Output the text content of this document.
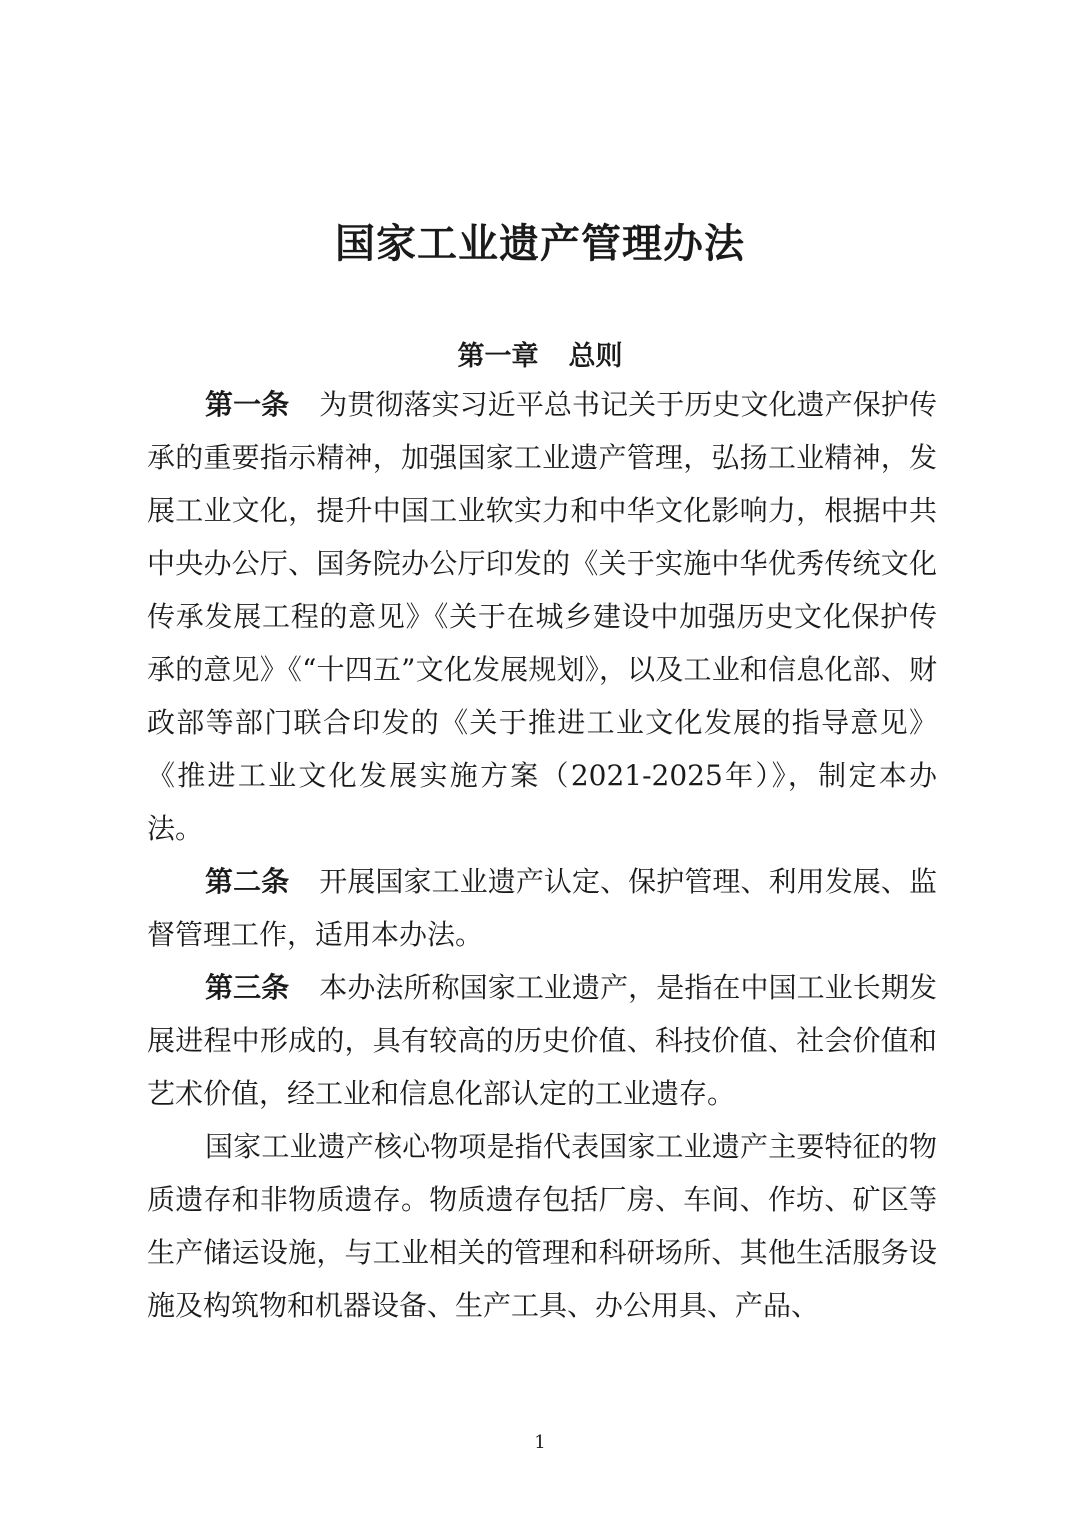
国家工业遗产管理办法
第一章 总则

第一条 为贯彻落实习近平总书记关于历史文化遗产保护传承的重要指示精神，加强国家工业遗产管理，弘扬工业精神，发展工业文化，提升中国工业软实力和中华文化影响力，根据中共中央办公厅、国务院办公厅印发的《关于实施中华优秀传统文化传承发展工程的意见》《关于在城乡建设中加强历史文化保护传承的意见》《“十四五”文化发展规划》，以及工业和信息化部、财政部等部门联合印发的《关于推进工业文化发展的指导意见》《推进工业文化发展实施方案（2021-2025年）》，制定本办法。

第二条 开展国家工业遗产认定、保护管理、利用发展、监督管理工作，适用本办法。

第三条 本办法所称国家工业遗产，是指在中国工业长期发展进程中形成的，具有较高的历史价值、科技价值、社会价值和艺术价值，经工业和信息化部认定的工业遗存。

国家工业遗产核心物项是指代表国家工业遗产主要特征的物质遗存和非物质遗存。物质遗存包括厂房、车间、作坊、矿区等生产储运设施，与工业相关的管理和科研场所、其他生活服务设施及构筑物和机器设备、生产工具、办公用具、产品、

1
